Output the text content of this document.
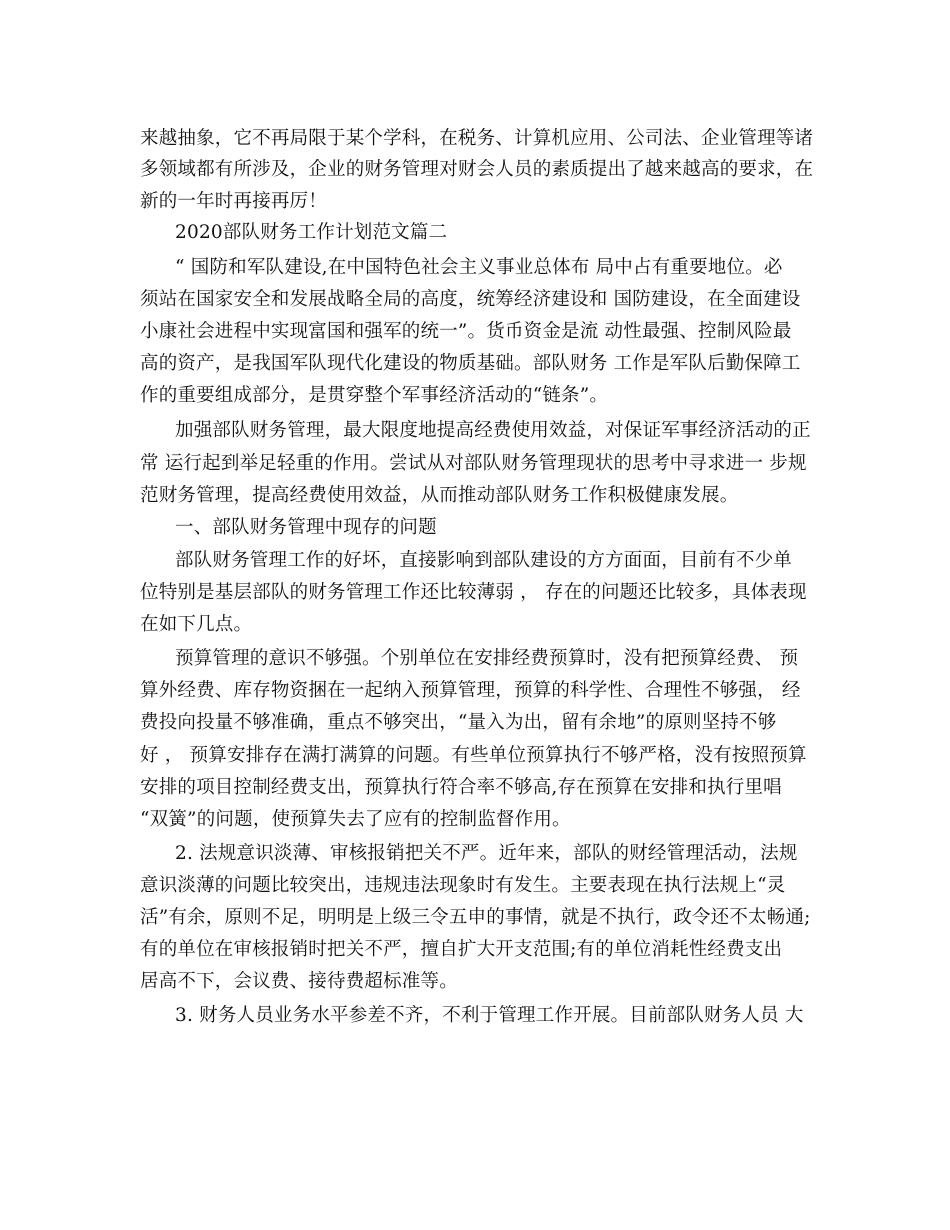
来越抽象，它不再局限于某个学科，在税务、计算机应用、公司法、企业管理等诸
多领域都有所涉及，企业的财务管理对财会人员的素质提出了越来越高的要求，在
新的一年时再接再厉！
2020部队财务工作计划范文篇二
“ 国防和军队建设,在中国特色社会主义事业总体布 局中占有重要地位。必
须站在国家安全和发展战略全局的高度，统筹经济建设和 国防建设，在全面建设
小康社会进程中实现富国和强军的统一”。货币资金是流 动性最强、控制风险最
高的资产，是我国军队现代化建设的物质基础。部队财务 工作是军队后勤保障工
作的重要组成部分，是贯穿整个军事经济活动的“链条”。
加强部队财务管理，最大限度地提高经费使用效益，对保证军事经济活动的正
常 运行起到举足轻重的作用。尝试从对部队财务管理现状的思考中寻求进一 步规
范财务管理，提高经费使用效益，从而推动部队财务工作积极健康发展。
一、部队财务管理中现存的问题
部队财务管理工作的好坏，直接影响到部队建设的方方面面，目前有不少单
位特别是基层部队的财务管理工作还比较薄弱 ， 存在的问题还比较多，具体表现
在如下几点。
预算管理的意识不够强。个别单位在安排经费预算时，没有把预算经费、 预
算外经费、库存物资捆在一起纳入预算管理，预算的科学性、合理性不够强， 经
费投向投量不够准确，重点不够突出，“量入为出，留有余地”的原则坚持不够
好 ， 预算安排存在满打满算的问题。有些单位预算执行不够严格，没有按照预算
安排的项目控制经费支出，预算执行符合率不够高,存在预算在安排和执行里唱
“双簧”的问题，使预算失去了应有的控制监督作用。
2. 法规意识淡薄、审核报销把关不严。近年来，部队的财经管理活动，法规
意识淡薄的问题比较突出，违规违法现象时有发生。主要表现在执行法规上“灵
活”有余，原则不足，明明是上级三令五申的事情，就是不执行，政令还不太畅通;
有的单位在审核报销时把关不严，擅自扩大开支范围;有的单位消耗性经费支出
居高不下，会议费、接待费超标准等。
3. 财务人员业务水平参差不齐，不利于管理工作开展。目前部队财务人员 大
